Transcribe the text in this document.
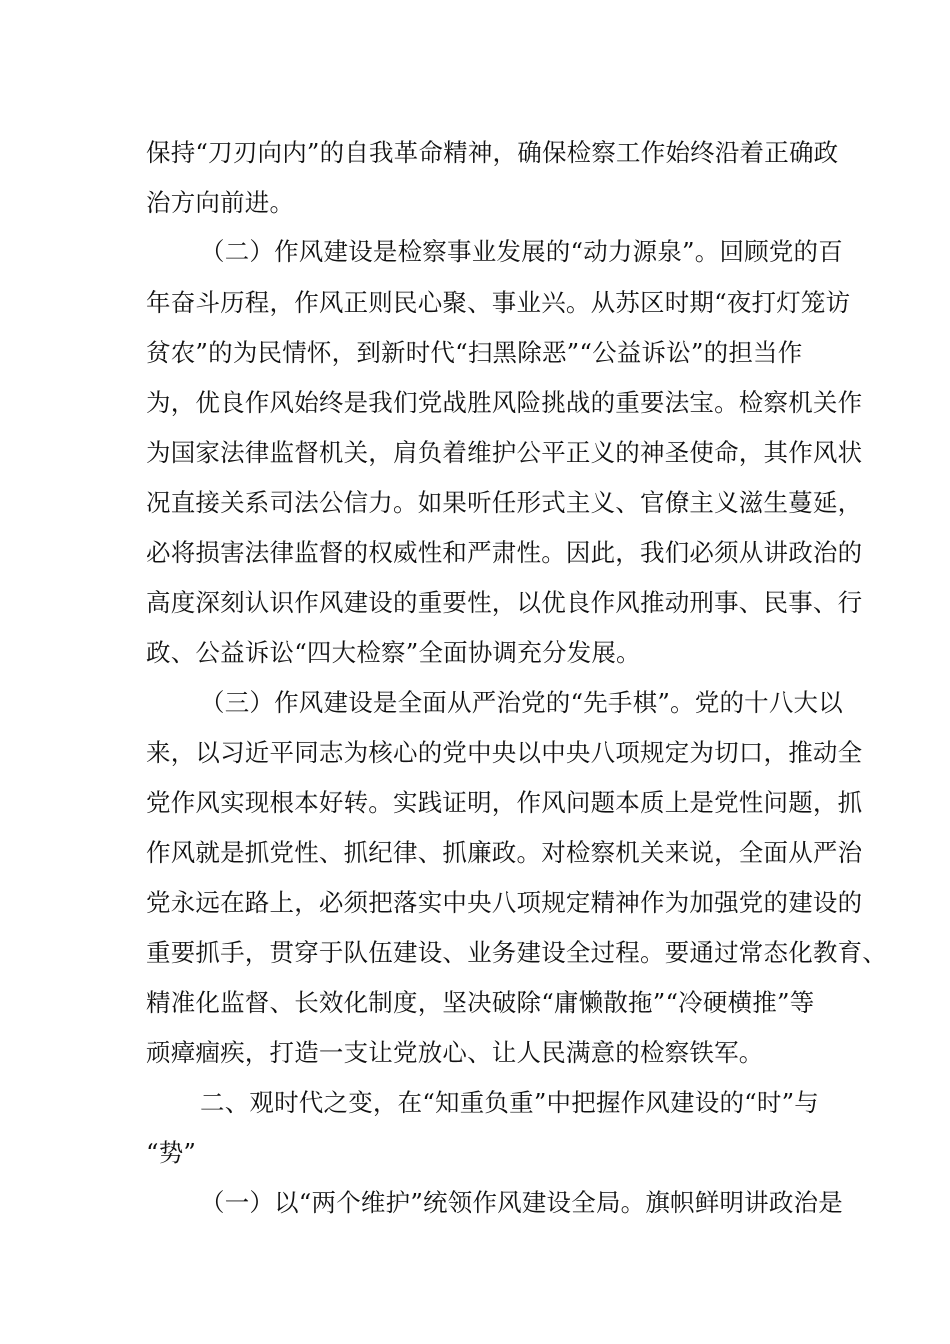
保持“刀刃向内”的自我革命精神，确保检察工作始终沿着正确政
治方向前进。
（二）作风建设是检察事业发展的“动力源泉”。回顾党的百
年奋斗历程，作风正则民心聚、事业兴。从苏区时期“夜打灯笼访
贫农”的为民情怀，到新时代“扫黑除恶”“公益诉讼”的担当作
为，优良作风始终是我们党战胜风险挑战的重要法宝。检察机关作
为国家法律监督机关，肩负着维护公平正义的神圣使命，其作风状
况直接关系司法公信力。如果听任形式主义、官僚主义滋生蔓延，
必将损害法律监督的权威性和严肃性。因此，我们必须从讲政治的
高度深刻认识作风建设的重要性，以优良作风推动刑事、民事、行
政、公益诉讼“四大检察”全面协调充分发展。
（三）作风建设是全面从严治党的“先手棋”。党的十八大以
来，以习近平同志为核心的党中央以中央八项规定为切口，推动全
党作风实现根本好转。实践证明，作风问题本质上是党性问题，抓
作风就是抓党性、抓纪律、抓廉政。对检察机关来说，全面从严治
党永远在路上，必须把落实中央八项规定精神作为加强党的建设的
重要抓手，贯穿于队伍建设、业务建设全过程。要通过常态化教育、
精准化监督、长效化制度，坚决破除“庸懒散拖”“冷硬横推”等
顽瘴痼疾，打造一支让党放心、让人民满意的检察铁军。
二、观时代之变，在“知重负重”中把握作风建设的“时”与
“势”
（一）以“两个维护”统领作风建设全局。旗帜鲜明讲政治是
